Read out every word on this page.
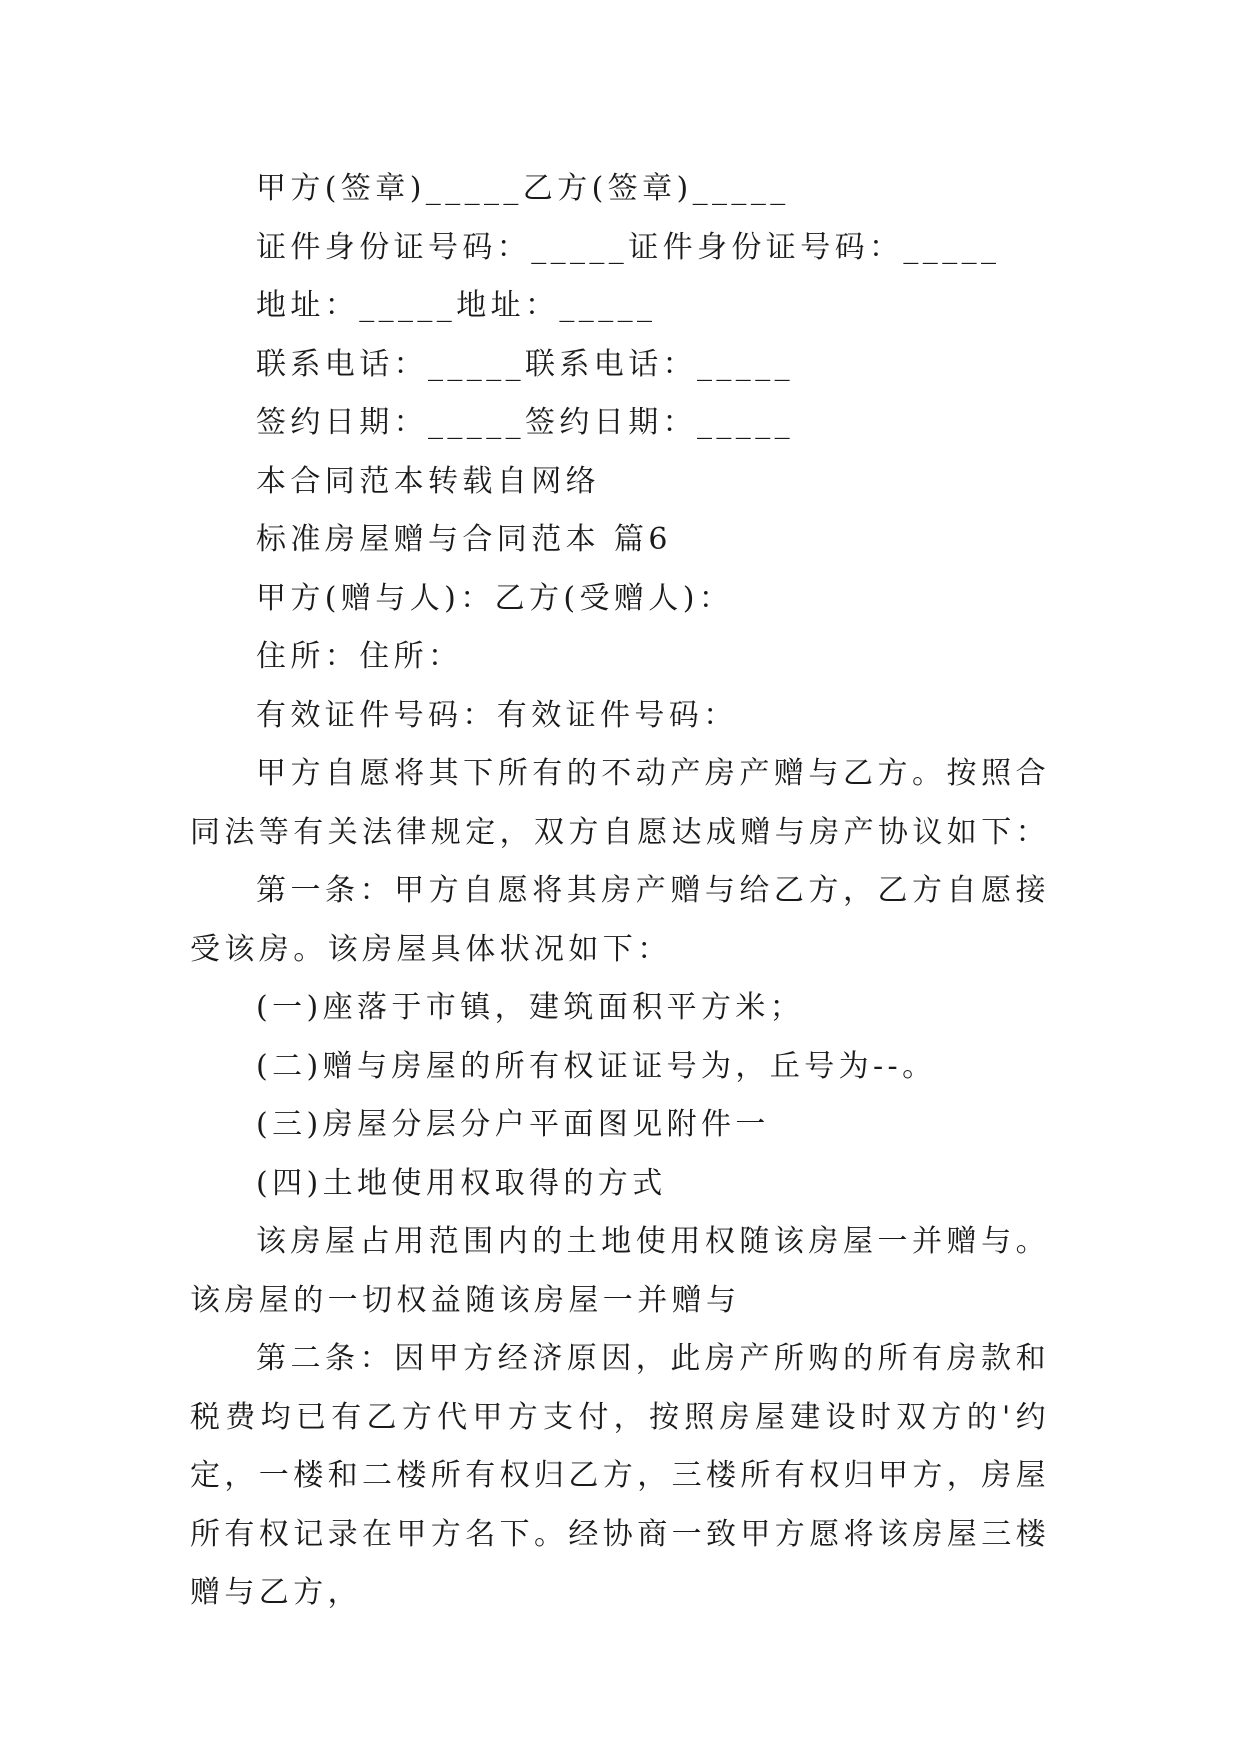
甲方(签章)_____乙方(签章)_____
证件身份证号码：_____证件身份证号码：_____
地址：_____地址：_____
联系电话：_____联系电话：_____
签约日期：_____签约日期：_____
本合同范本转载自网络
标准房屋赠与合同范本 篇6
甲方(赠与人)：乙方(受赠人)：
住所：住所：
有效证件号码：有效证件号码：

甲方自愿将其下所有的不动产房产赠与乙方。按照合同法等有关法律规定，双方自愿达成赠与房产协议如下：

第一条：甲方自愿将其房产赠与给乙方，乙方自愿接受该房。该房屋具体状况如下：

(一)座落于市镇，建筑面积平方米；
(二)赠与房屋的所有权证证号为，丘号为--。
(三)房屋分层分户平面图见附件一
(四)土地使用权取得的方式

该房屋占用范围内的土地使用权随该房屋一并赠与。该房屋的一切权益随该房屋一并赠与

第二条：因甲方经济原因，此房产所购的所有房款和税费均已有乙方代甲方支付，按照房屋建设时双方的'约定，一楼和二楼所有权归乙方，三楼所有权归甲方，房屋所有权记录在甲方名下。经协商一致甲方愿将该房屋三楼赠与乙方，
